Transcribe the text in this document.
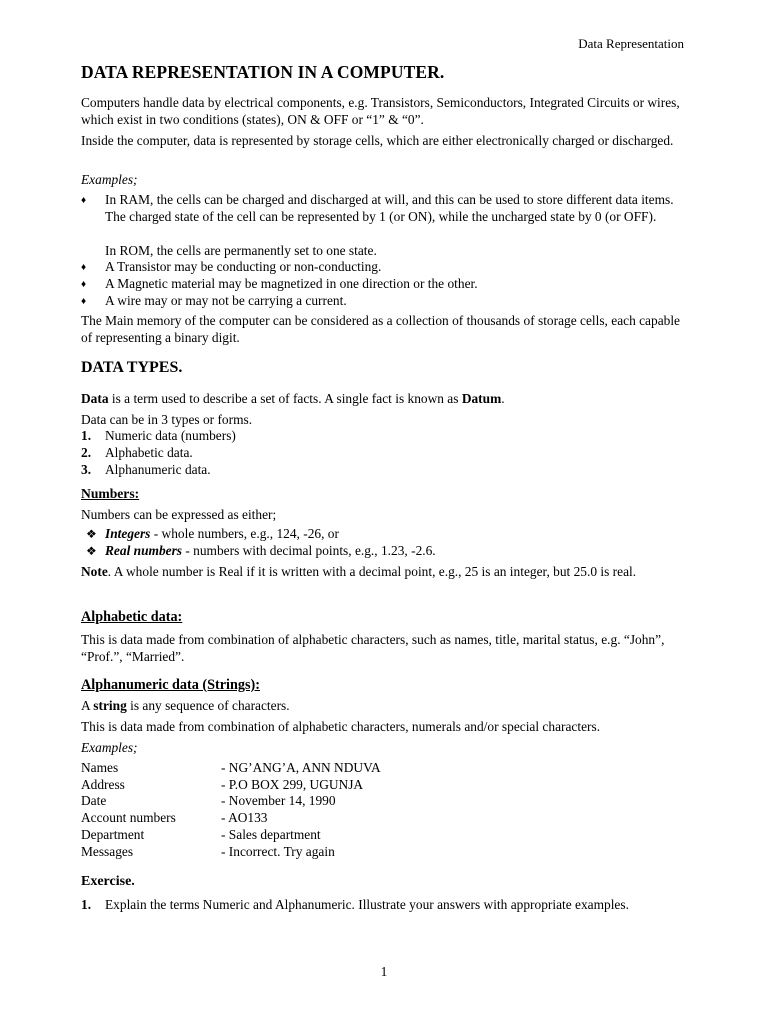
Data Representation
DATA REPRESENTATION IN A COMPUTER.
Computers handle data by electrical components, e.g. Transistors, Semiconductors, Integrated Circuits or wires, which exist in two conditions (states), ON & OFF or “1” & “0”.
Inside the computer, data is represented by storage cells, which are either electronically charged or discharged.
Examples;
♦	In RAM, the cells can be charged and discharged at will, and this can be used to store different data items. The charged state of the cell can be represented by 1 (or ON), while the uncharged state by 0 (or OFF).
In ROM, the cells are permanently set to one state.
♦	A Transistor may be conducting or non-conducting.
♦	A Magnetic material may be magnetized in one direction or the other.
♦	A wire may or may not be carrying a current.
The Main memory of the computer can be considered as a collection of thousands of storage cells, each capable of representing a binary digit.
DATA TYPES.
Data is a term used to describe a set of facts. A single fact is known as Datum.
Data can be in 3 types or forms.
1. Numeric data (numbers)
2. Alphabetic data.
3. Alphanumeric data.
Numbers:
Numbers can be expressed as either;
❖ Integers - whole numbers, e.g., 124, -26, or
❖ Real numbers - numbers with decimal points, e.g., 1.23, -2.6.
Note. A whole number is Real if it is written with a decimal point, e.g., 25 is an integer, but 25.0 is real.
Alphabetic data:
This is data made from combination of alphabetic characters, such as names, title, marital status, e.g. “John”, “Prof.”, “Married”.
Alphanumeric data (Strings):
A string is any sequence of characters.
This is data made from combination of alphabetic characters, numerals and/or special characters.
Examples;
Names	- NG’ANG’A, ANN NDUVA
Address	- P.O BOX 299, UGUNJA
Date	- November 14, 1990
Account numbers	- AO133
Department	- Sales department
Messages	- Incorrect. Try again
Exercise.
1. Explain the terms Numeric and Alphanumeric. Illustrate your answers with appropriate examples.
1
